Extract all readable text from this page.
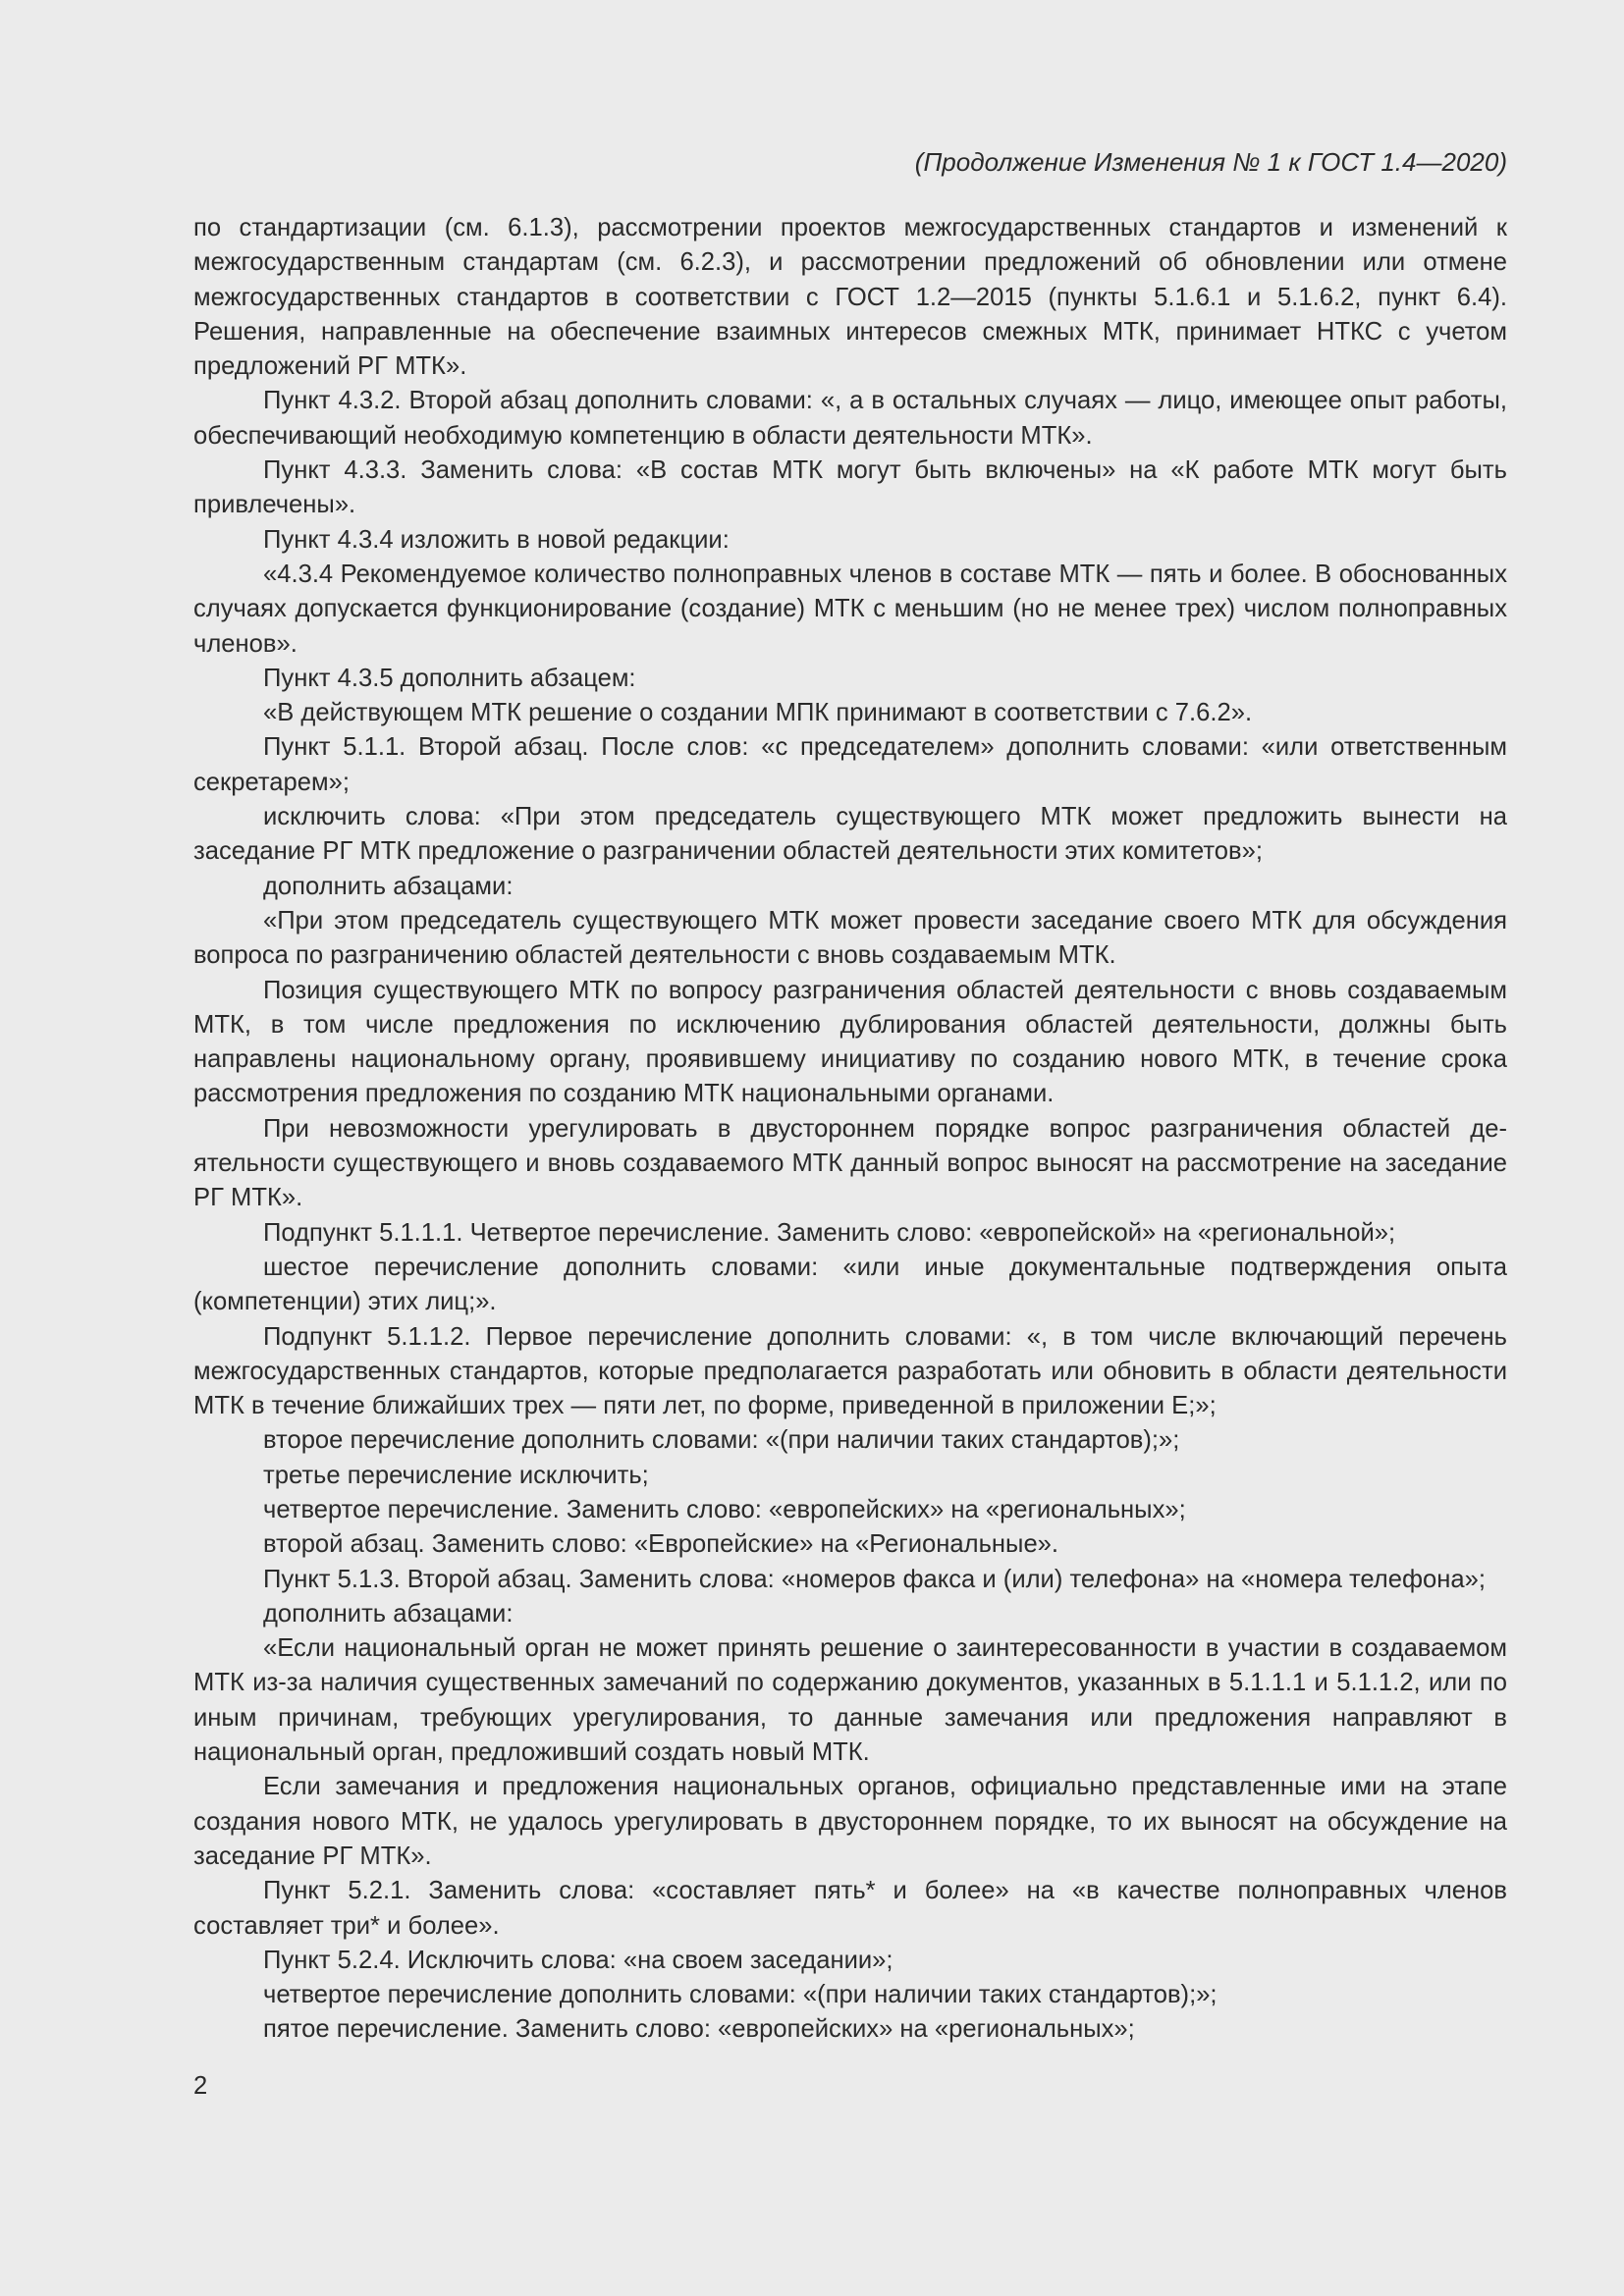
(Продолжение Изменения № 1 к ГОСТ 1.4—2020)

по стандартизации (см. 6.1.3), рассмотрении проектов межгосударственных стандартов и изменений к межгосударственным стандартам (см. 6.2.3), и рассмотрении предложений об обновлении или отмене межгосударственных стандартов в соответствии с ГОСТ 1.2—2015 (пункты 5.1.6.1 и 5.1.6.2, пункт 6.4). Решения, направленные на обеспечение взаимных интересов смежных МТК, принимает НТКС с учетом предложений РГ МТК».

Пункт 4.3.2. Второй абзац дополнить словами: «, а в остальных случаях — лицо, имеющее опыт работы, обеспечивающий необходимую компетенцию в области деятельности МТК».

Пункт 4.3.3. Заменить слова: «В состав МТК могут быть включены» на «К работе МТК могут быть привлечены».

Пункт 4.3.4 изложить в новой редакции:

«4.3.4 Рекомендуемое количество полноправных членов в составе МТК — пять и более. В обоснованных случаях допускается функционирование (создание) МТК с меньшим (но не менее трех) числом полноправных членов».

Пункт 4.3.5 дополнить абзацем:

«В действующем МТК решение о создании МПК принимают в соответствии с 7.6.2».

Пункт 5.1.1. Второй абзац. После слов: «с председателем» дополнить словами: «или ответственным секретарем»;

исключить слова: «При этом председатель существующего МТК может предложить вынести на заседание РГ МТК предложение о разграничении областей деятельности этих комитетов»;

дополнить абзацами:

«При этом председатель существующего МТК может провести заседание своего МТК для обсуждения вопроса по разграничению областей деятельности с вновь создаваемым МТК.

Позиция существующего МТК по вопросу разграничения областей деятельности с вновь создаваемым МТК, в том числе предложения по исключению дублирования областей деятельности, должны быть направлены национальному органу, проявившему инициативу по созданию нового МТК, в течение срока рассмотрения предложения по созданию МТК национальными органами.

При невозможности урегулировать в двустороннем порядке вопрос разграничения областей деятельности существующего и вновь создаваемого МТК данный вопрос выносят на рассмотрение на заседание РГ МТК».

Подпункт 5.1.1.1. Четвертое перечисление. Заменить слово: «европейской» на «региональной»;

шестое перечисление дополнить словами: «или иные документальные подтверждения опыта (компетенции) этих лиц;».

Подпункт 5.1.1.2. Первое перечисление дополнить словами: «, в том числе включающий перечень межгосударственных стандартов, которые предполагается разработать или обновить в области деятельности МТК в течение ближайших трех — пяти лет, по форме, приведенной в приложении Е;»;

второе перечисление дополнить словами: «(при наличии таких стандартов);»;

третье перечисление исключить;

четвертое перечисление. Заменить слово: «европейских» на «региональных»;

второй абзац. Заменить слово: «Европейские» на «Региональные».

Пункт 5.1.3. Второй абзац. Заменить слова: «номеров факса и (или) телефона» на «номера телефона»;

дополнить абзацами:

«Если национальный орган не может принять решение о заинтересованности в участии в создаваемом МТК из-за наличия существенных замечаний по содержанию документов, указанных в 5.1.1.1 и 5.1.1.2, или по иным причинам, требующих урегулирования, то данные замечания или предложения направляют в национальный орган, предложивший создать новый МТК.

Если замечания и предложения национальных органов, официально представленные ими на этапе создания нового МТК, не удалось урегулировать в двустороннем порядке, то их выносят на обсуждение на заседание РГ МТК».

Пункт 5.2.1. Заменить слова: «составляет пять* и более» на «в качестве полноправных членов составляет три* и более».

Пункт 5.2.4. Исключить слова: «на своем заседании»;

четвертое перечисление дополнить словами: «(при наличии таких стандартов);»;

пятое перечисление. Заменить слово: «европейских» на «региональных»;

2
